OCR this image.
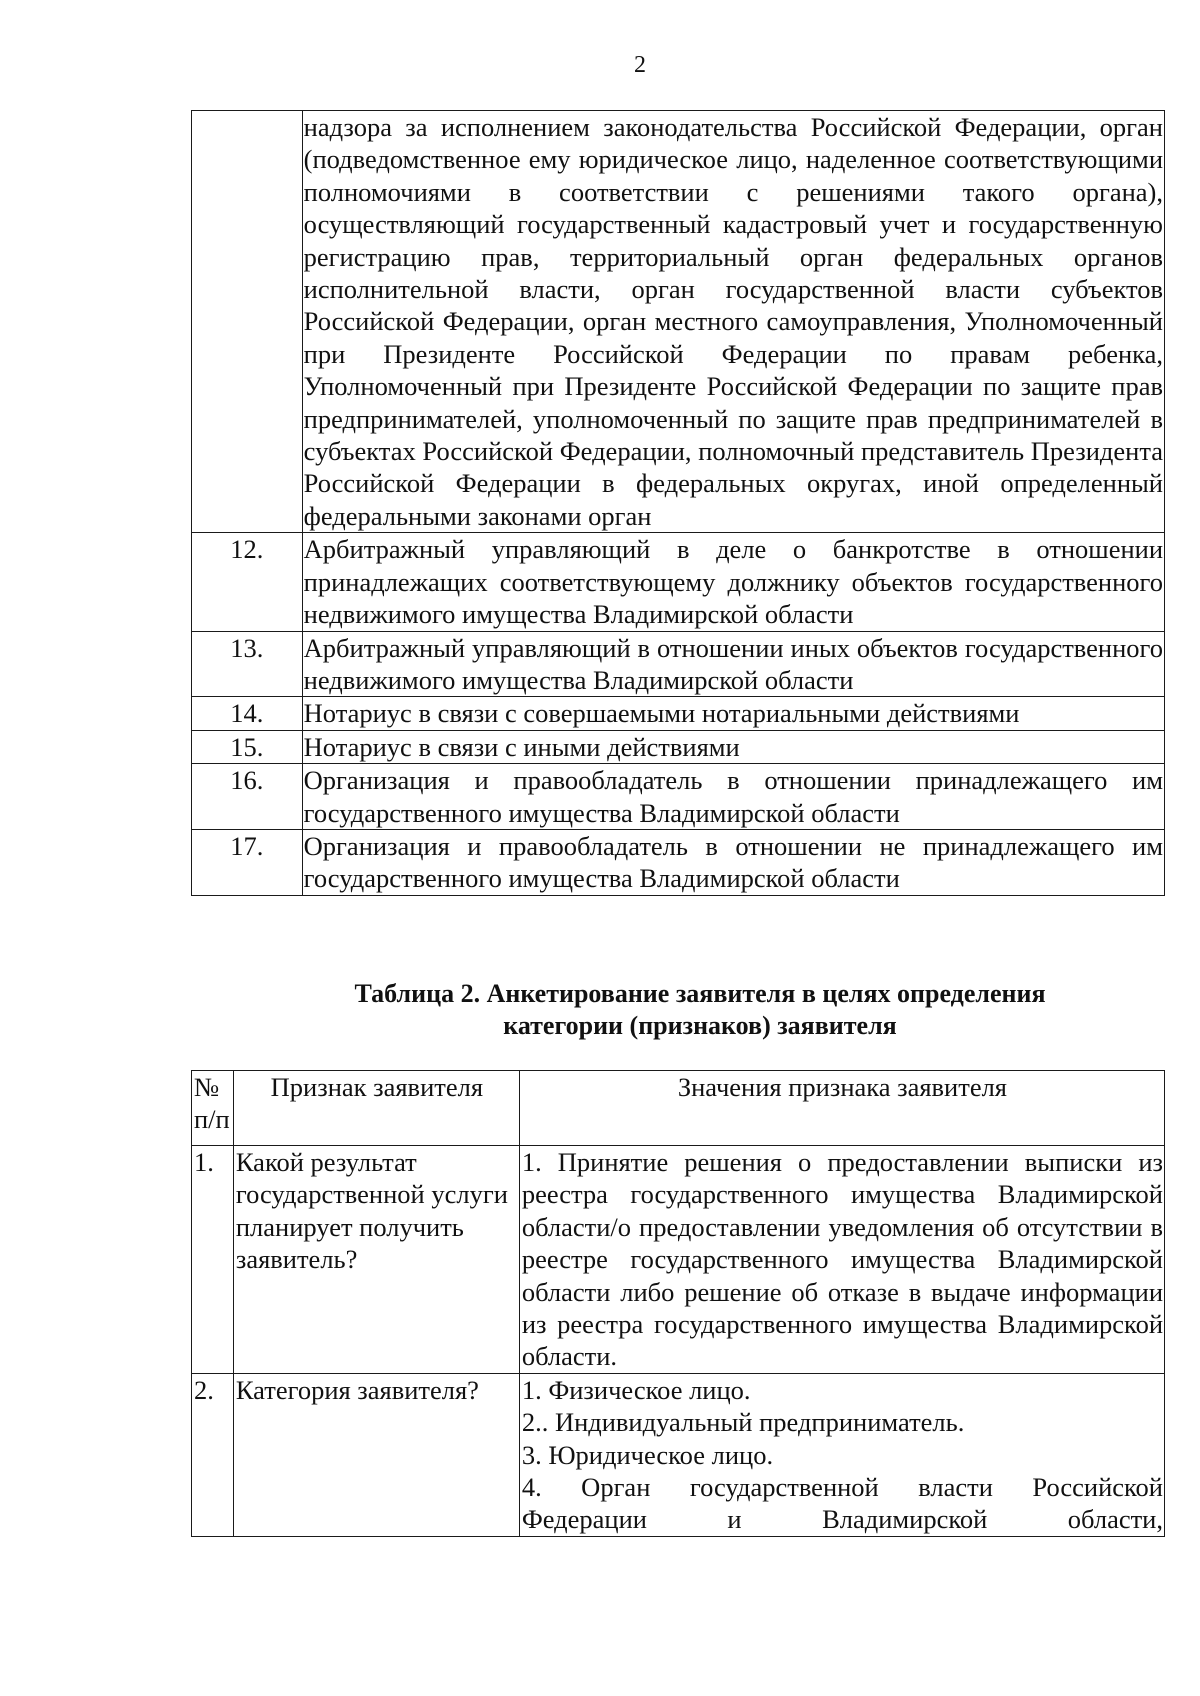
2
	надзора за исполнением законодательства Российской Федерации, орган (подведомственное ему юридическое лицо, наделенное соответствующими полномочиями в соответствии с решениями такого органа), осуществляющий государственный кадастровый учет и государственную регистрацию прав, территориальный орган федеральных органов исполнительной власти, орган государственной власти субъектов Российской Федерации, орган местного самоуправления, Уполномоченный при Президенте Российской Федерации по правам ребенка, Уполномоченный при Президенте Российской Федерации по защите прав предпринимателей, уполномоченный по защите прав предпринимателей в субъектах Российской Федерации, полномочный представитель Президента Российской Федерации в федеральных округах, иной определенный федеральными законами орган
12.	Арбитражный управляющий в деле о банкротстве в отношении принадлежащих соответствующему должнику объектов государственного недвижимого имущества Владимирской области
13.	Арбитражный управляющий в отношении иных объектов государственного недвижимого имущества Владимирской области
14.	Нотариус в связи с совершаемыми нотариальными действиями
15.	Нотариус в связи с иными действиями
16.	Организация и правообладатель в отношении принадлежащего им государственного имущества Владимирской области
17.	Организация и правообладатель в отношении не принадлежащего им государственного имущества Владимирской области
Таблица 2. Анкетирование заявителя в целях определения
категории (признаков) заявителя
№ п/п	Признак заявителя	Значения признака заявителя
1.	Какой результат государственной услуги планирует получить заявитель?	1. Принятие решения о предоставлении выписки из реестра государственного имущества Владимирской области/о предоставлении уведомления об отсутствии в реестре государственного имущества Владимирской области либо решение об отказе в выдаче информации из реестра государственного имущества Владимирской области.

2.	Категория заявителя?	1. Физическое лицо.
2.. Индивидуальный предприниматель.
3. Юридическое лицо.
4. Орган государственной власти Российской Федерации и Владимирской области,
